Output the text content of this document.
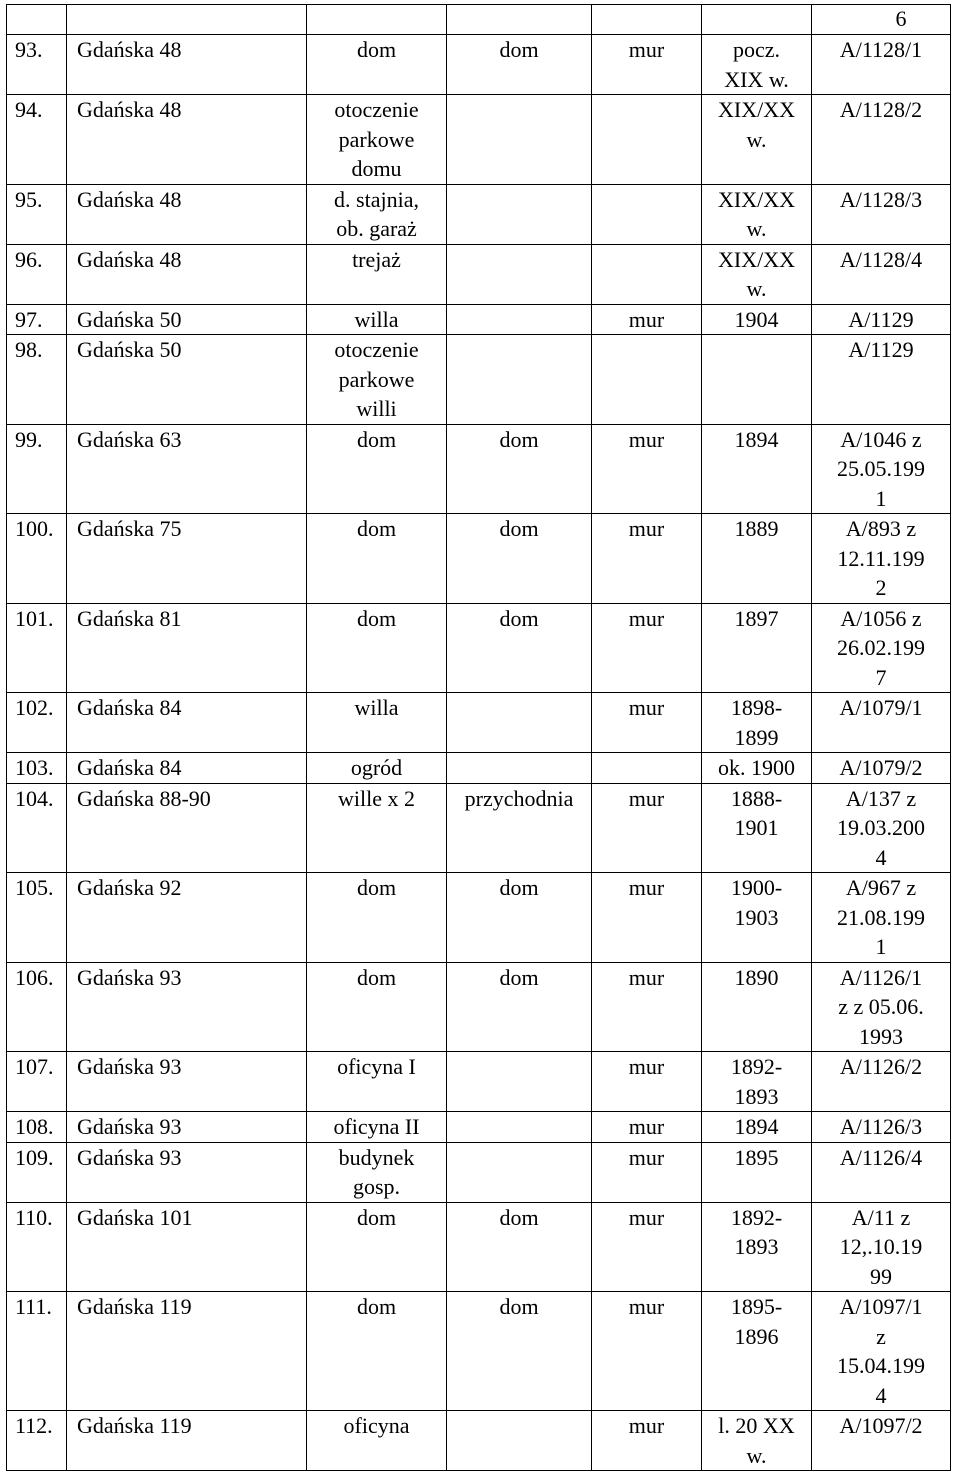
6

93.	Gdańska 48	dom	dom	mur	pocz.
XIX w.	A/1128/1
94.	Gdańska 48	otoczenie
parkowe
domu			XIX/XX
w.	A/1128/2
95.	Gdańska 48	d. stajnia,
ob. garaż			XIX/XX
w.	A/1128/3
96.	Gdańska 48	trejaż			XIX/XX
w.	A/1128/4
97.	Gdańska 50	willa		mur	1904	A/1129
98.	Gdańska 50	otoczenie
parkowe
willi				A/1129
99.	Gdańska 63	dom	dom	mur	1894	A/1046 z
25.05.199
1
100.	Gdańska 75	dom	dom	mur	1889	A/893 z
12.11.199
2
101.	Gdańska 81	dom	dom	mur	1897	A/1056 z
26.02.199
7
102.	Gdańska 84	willa		mur	1898-
1899	A/1079/1
103.	Gdańska 84	ogród			ok. 1900	A/1079/2
104.	Gdańska 88-90	wille x 2	przychodnia	mur	1888-
1901	A/137 z
19.03.200
4
105.	Gdańska 92	dom	dom	mur	1900-
1903	A/967 z
21.08.199
1
106.	Gdańska 93	dom	dom	mur	1890	A/1126/1
z z 05.06.
1993
107.	Gdańska 93	oficyna I		mur	1892-
1893	A/1126/2
108.	Gdańska 93	oficyna II		mur	1894	A/1126/3
109.	Gdańska 93	budynek
gosp.		mur	1895	A/1126/4
110.	Gdańska 101	dom	dom	mur	1892-
1893	A/11 z
12,.10.19
99
111.	Gdańska 119	dom	dom	mur	1895-
1896	A/1097/1
z
15.04.199
4
112.	Gdańska 119	oficyna		mur	l. 20 XX
w.	A/1097/2
